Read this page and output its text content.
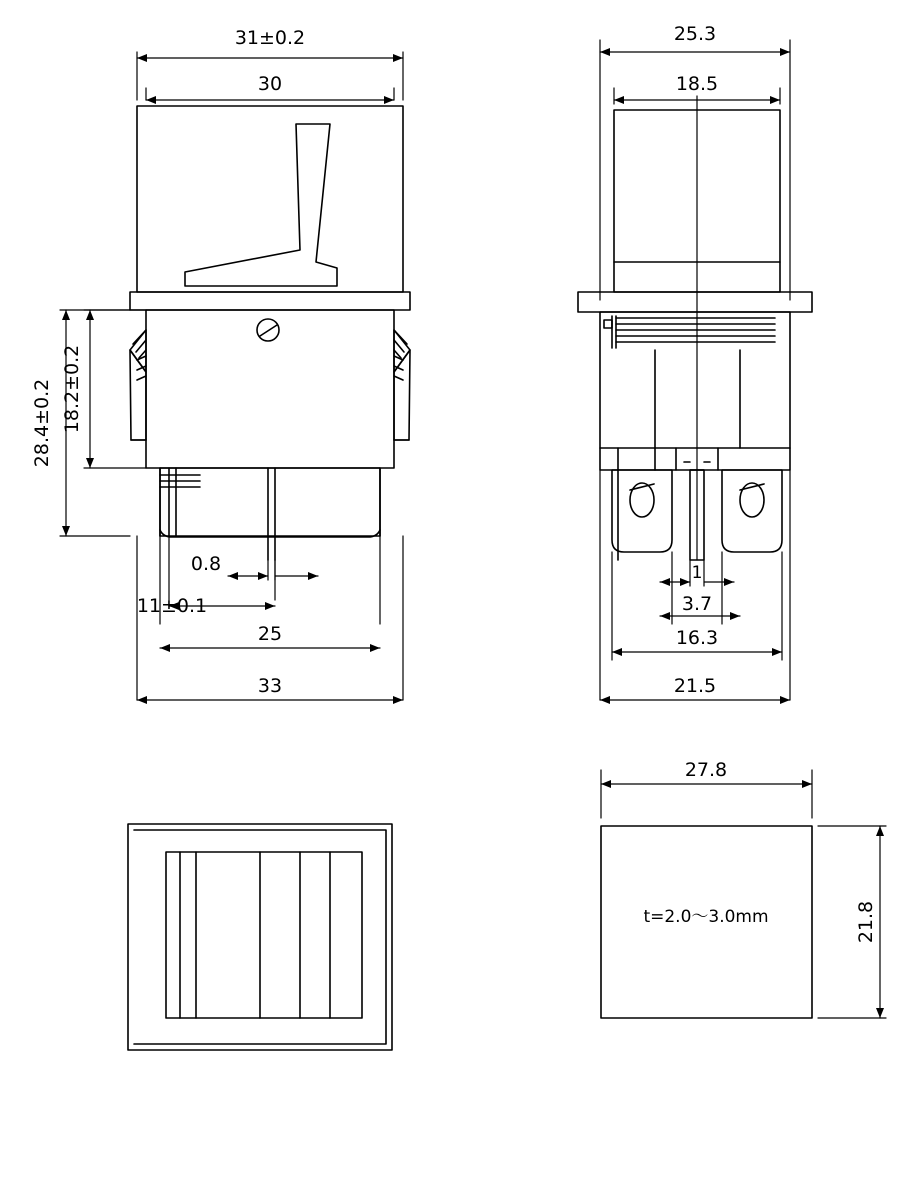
31±0.2
30
28.4±0.2 18.2±0.2
0.8
11±0.1
25
33
25.3
18.5
1
3.7
16.3
21.5
27.8
21.8
t=2.0〜3.0mm
